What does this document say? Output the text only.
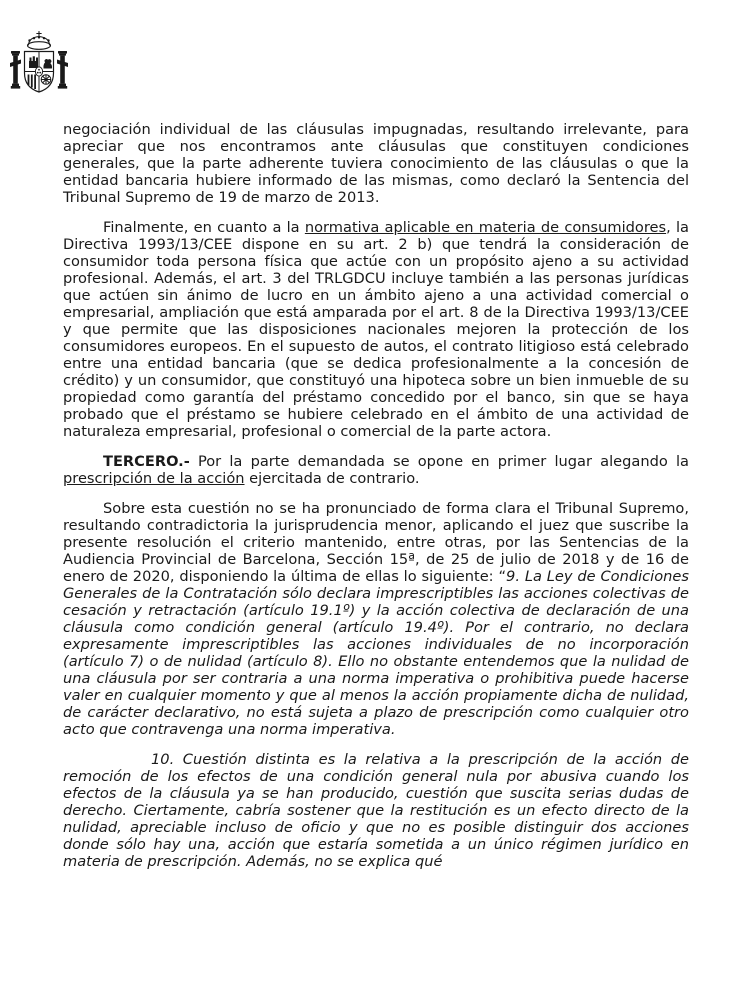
negociación individual de las cláusulas impugnadas, resultando irrelevante, para apreciar que nos encontramos ante cláusulas que constituyen condiciones generales, que la parte adherente tuviera conocimiento de las cláusulas o que la entidad bancaria hubiere informado de las mismas, como declaró la Sentencia del Tribunal Supremo de 19 de marzo de 2013.

Finalmente, en cuanto a la normativa aplicable en materia de consumidores, la Directiva 1993/13/CEE dispone en su art. 2 b) que tendrá la consideración de consumidor toda persona física que actúe con un propósito ajeno a su actividad profesional. Además, el art. 3 del TRLGDCU incluye también a las personas jurídicas que actúen sin ánimo de lucro en un ámbito ajeno a una actividad comercial o empresarial, ampliación que está amparada por el art. 8 de la Directiva 1993/13/CEE y que permite que las disposiciones nacionales mejoren la protección de los consumidores europeos. En el supuesto de autos, el contrato litigioso está celebrado entre una entidad bancaria (que se dedica profesionalmente a la concesión de crédito) y un consumidor, que constituyó una hipoteca sobre un bien inmueble de su propiedad como garantía del préstamo concedido por el banco, sin que se haya probado que el préstamo se hubiere celebrado en el ámbito de una actividad de naturaleza empresarial, profesional o comercial de la parte actora.

TERCERO.- Por la parte demandada se opone en primer lugar alegando la prescripción de la acción ejercitada de contrario.

Sobre esta cuestión no se ha pronunciado de forma clara el Tribunal Supremo, resultando contradictoria la jurisprudencia menor, aplicando el juez que suscribe la presente resolución el criterio mantenido, entre otras, por las Sentencias de la Audiencia Provincial de Barcelona, Sección 15ª, de 25 de julio de 2018 y de 16 de enero de 2020, disponiendo la última de ellas lo siguiente: “9. La Ley de Condiciones Generales de la Contratación sólo declara imprescriptibles las acciones colectivas de cesación y retractación (artículo 19.1º) y la acción colectiva de declaración de una cláusula como condición general (artículo 19.4º). Por el contrario, no declara expresamente imprescriptibles las acciones individuales de no incorporación (artículo 7) o de nulidad (artículo 8). Ello no obstante entendemos que la nulidad de una cláusula por ser contraria a una norma imperativa o prohibitiva puede hacerse valer en cualquier momento y que al menos la acción propiamente dicha de nulidad, de carácter declarativo, no está sujeta a plazo de prescripción como cualquier otro acto que contravenga una norma imperativa.

10. Cuestión distinta es la relativa a la prescripción de la acción de remoción de los efectos de una condición general nula por abusiva cuando los efectos de la cláusula ya se han producido, cuestión que suscita serias dudas de derecho. Ciertamente, cabría sostener que la restitución es un efecto directo de la nulidad, apreciable incluso de oficio y que no es posible distinguir dos acciones donde sólo hay una, acción que estaría sometida a un único régimen jurídico en materia de prescripción. Además, no se explica qué
